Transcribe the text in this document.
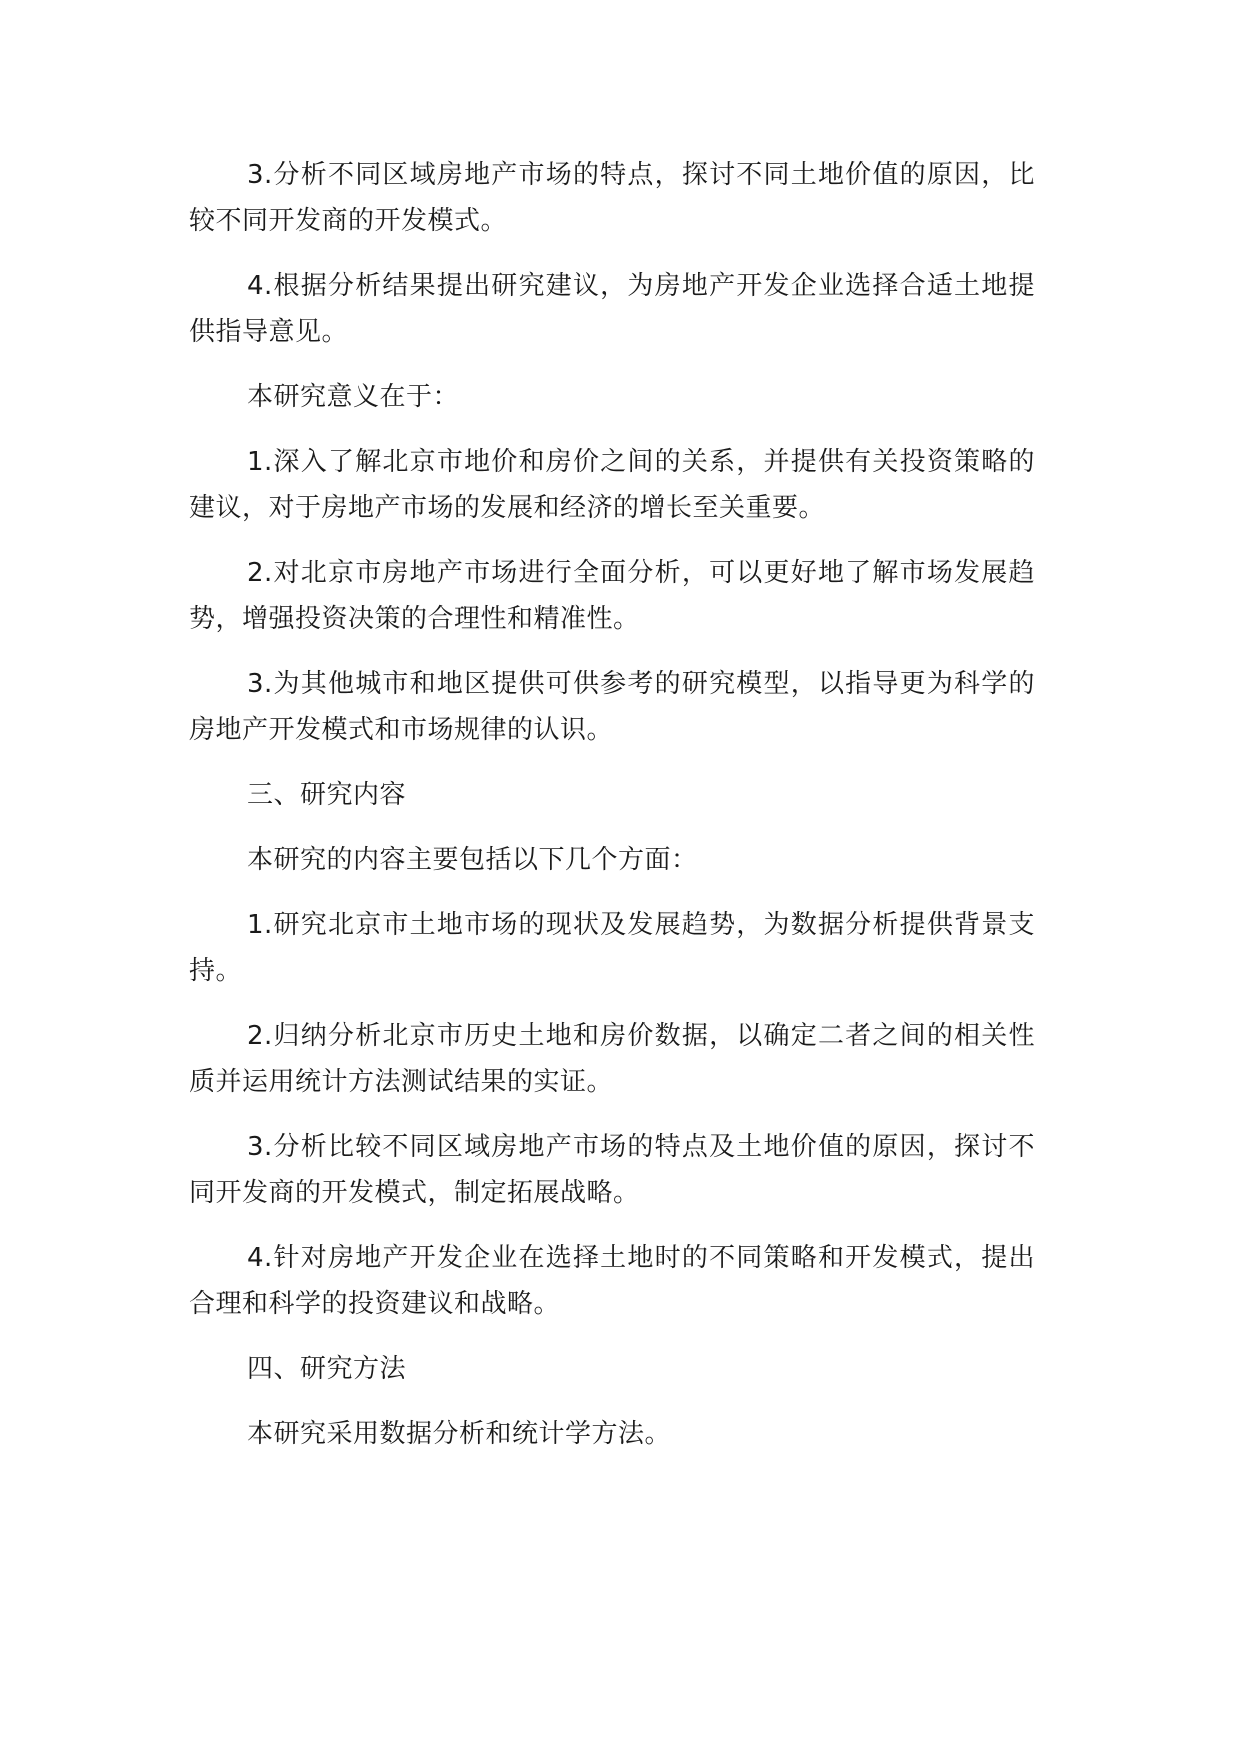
3.分析不同区域房地产市场的特点，探讨不同土地价值的原因，比较不同开发商的开发模式。

4.根据分析结果提出研究建议，为房地产开发企业选择合适土地提供指导意见。

本研究意义在于：

1.深入了解北京市地价和房价之间的关系，并提供有关投资策略的建议，对于房地产市场的发展和经济的增长至关重要。

2.对北京市房地产市场进行全面分析，可以更好地了解市场发展趋势，增强投资决策的合理性和精准性。

3.为其他城市和地区提供可供参考的研究模型，以指导更为科学的房地产开发模式和市场规律的认识。

三、研究内容

本研究的内容主要包括以下几个方面：

1.研究北京市土地市场的现状及发展趋势，为数据分析提供背景支持。

2.归纳分析北京市历史土地和房价数据，以确定二者之间的相关性质并运用统计方法测试结果的实证。

3.分析比较不同区域房地产市场的特点及土地价值的原因，探讨不同开发商的开发模式，制定拓展战略。

4.针对房地产开发企业在选择土地时的不同策略和开发模式，提出合理和科学的投资建议和战略。

四、研究方法

本研究采用数据分析和统计学方法。
